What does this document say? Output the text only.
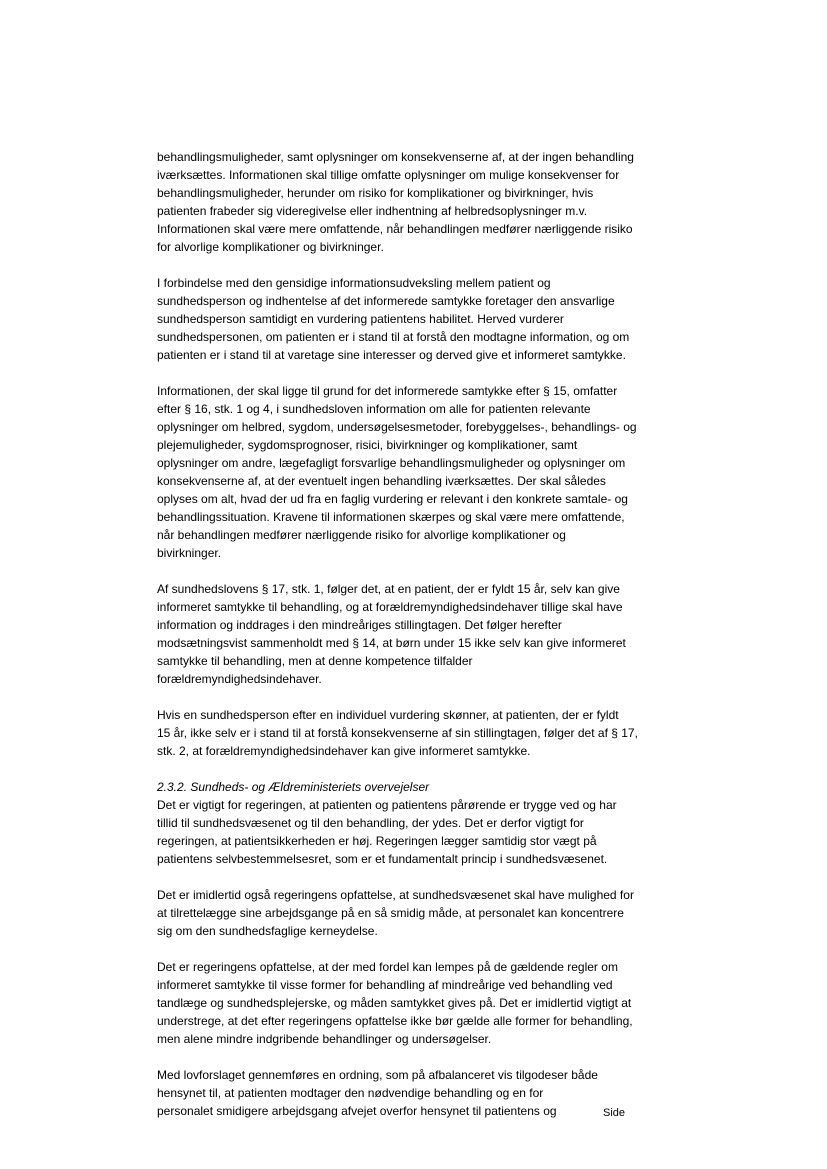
behandlingsmuligheder, samt oplysninger om konsekvenserne af, at der ingen behandling
iværksættes. Informationen skal tillige omfatte oplysninger om mulige konsekvenser for
behandlingsmuligheder, herunder om risiko for komplikationer og bivirkninger, hvis
patienten frabeder sig videregivelse eller indhentning af helbredsoplysninger m.v.
Informationen skal være mere omfattende, når behandlingen medfører nærliggende risiko
for alvorlige komplikationer og bivirkninger.
I forbindelse med den gensidige informationsudveksling mellem patient og
sundhedsperson og indhentelse af det informerede samtykke foretager den ansvarlige
sundhedsperson samtidigt en vurdering patientens habilitet. Herved vurderer
sundhedspersonen, om patienten er i stand til at forstå den modtagne information, og om
patienten er i stand til at varetage sine interesser og derved give et informeret samtykke.
Informationen, der skal ligge til grund for det informerede samtykke efter § 15, omfatter
efter § 16, stk. 1 og 4, i sundhedsloven information om alle for patienten relevante
oplysninger om helbred, sygdom, undersøgelsesmetoder, forebyggelses-, behandlings- og
plejemuligheder, sygdomsprognoser, risici, bivirkninger og komplikationer, samt
oplysninger om andre, lægefagligt forsvarlige behandlingsmuligheder og oplysninger om
konsekvenserne af, at der eventuelt ingen behandling iværksættes. Der skal således
oplyses om alt, hvad der ud fra en faglig vurdering er relevant i den konkrete samtale- og
behandlingssituation. Kravene til informationen skærpes og skal være mere omfattende,
når behandlingen medfører nærliggende risiko for alvorlige komplikationer og
bivirkninger.
Af sundhedslovens § 17, stk. 1, følger det, at en patient, der er fyldt 15 år, selv kan give
informeret samtykke til behandling, og at forældremyndighedsindehaver tillige skal have
information og inddrages i den mindreåriges stillingtagen. Det følger herefter
modsætningsvist sammenholdt med § 14, at børn under 15 ikke selv kan give informeret
samtykke til behandling, men at denne kompetence tilfalder
forældremyndighedsindehaver.
Hvis en sundhedsperson efter en individuel vurdering skønner, at patienten, der er fyldt
15 år, ikke selv er i stand til at forstå konsekvenserne af sin stillingtagen, følger det af § 17,
stk. 2, at forældremyndighedsindehaver kan give informeret samtykke.
2.3.2. Sundheds- og Ældreministeriets overvejelser
Det er vigtigt for regeringen, at patienten og patientens pårørende er trygge ved og har
tillid til sundhedsvæsenet og til den behandling, der ydes. Det er derfor vigtigt for
regeringen, at patientsikkerheden er høj. Regeringen lægger samtidig stor vægt på
patientens selvbestemmelsesret, som er et fundamentalt princip i sundhedsvæsenet.
Det er imidlertid også regeringens opfattelse, at sundhedsvæsenet skal have mulighed for
at tilrettelægge sine arbejdsgange på en så smidig måde, at personalet kan koncentrere
sig om den sundhedsfaglige kerneydelse.
Det er regeringens opfattelse, at der med fordel kan lempes på de gældende regler om
informeret samtykke til visse former for behandling af mindreårige ved behandling ved
tandlæge og sundhedsplejerske, og måden samtykket gives på. Det er imidlertid vigtigt at
understrege, at det efter regeringens opfattelse ikke bør gælde alle former for behandling,
men alene mindre indgribende behandlinger og undersøgelser.
Med lovforslaget gennemføres en ordning, som på afbalanceret vis tilgodeser både
hensynet til, at patienten modtager den nødvendige behandling og en for
personalet smidigere arbejdsgang afvejet overfor hensynet til patientens og	Side
